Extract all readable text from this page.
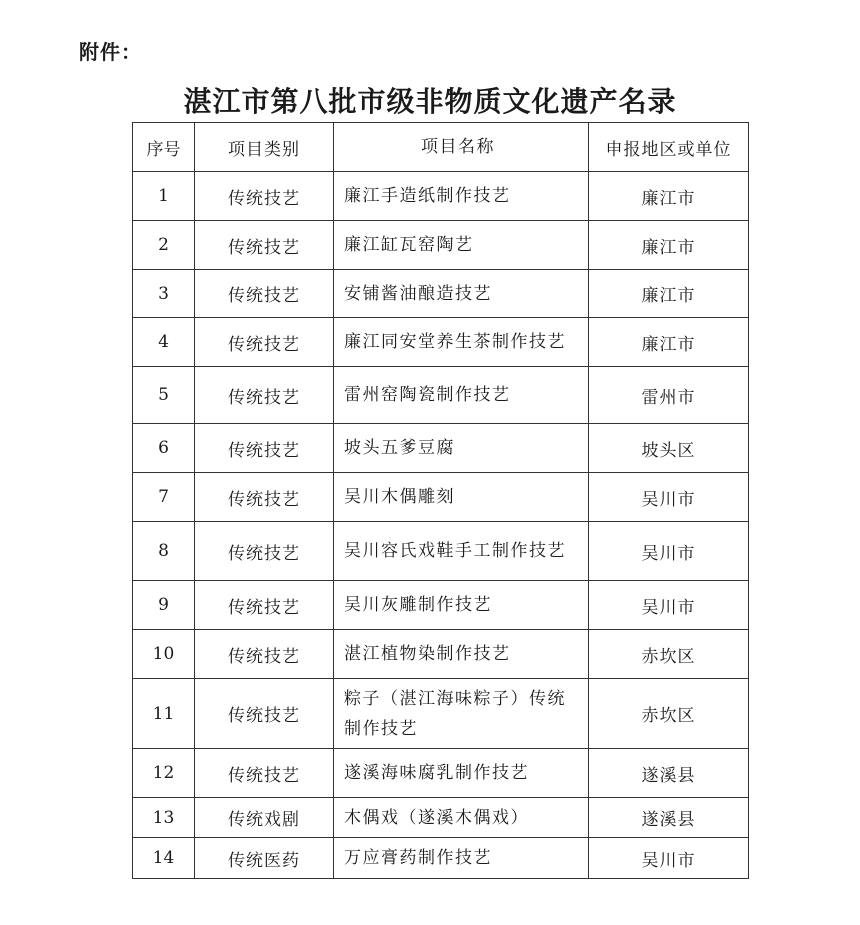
附件：
湛江市第八批市级非物质文化遗产名录
序号	项目类别	项目名称	申报地区或单位
1	传统技艺	廉江手造纸制作技艺	廉江市
2	传统技艺	廉江缸瓦窑陶艺	廉江市
3	传统技艺	安铺酱油酿造技艺	廉江市
4	传统技艺	廉江同安堂养生茶制作技艺	廉江市
5	传统技艺	雷州窑陶瓷制作技艺	雷州市
6	传统技艺	坡头五爹豆腐	坡头区
7	传统技艺	吴川木偶雕刻	吴川市
8	传统技艺	吴川容氏戏鞋手工制作技艺	吴川市
9	传统技艺	吴川灰雕制作技艺	吴川市
10	传统技艺	湛江植物染制作技艺	赤坎区
11	传统技艺	粽子（湛江海味粽子）传统制作技艺	赤坎区
12	传统技艺	遂溪海味腐乳制作技艺	遂溪县
13	传统戏剧	木偶戏（遂溪木偶戏）	遂溪县
14	传统医药	万应膏药制作技艺	吴川市
